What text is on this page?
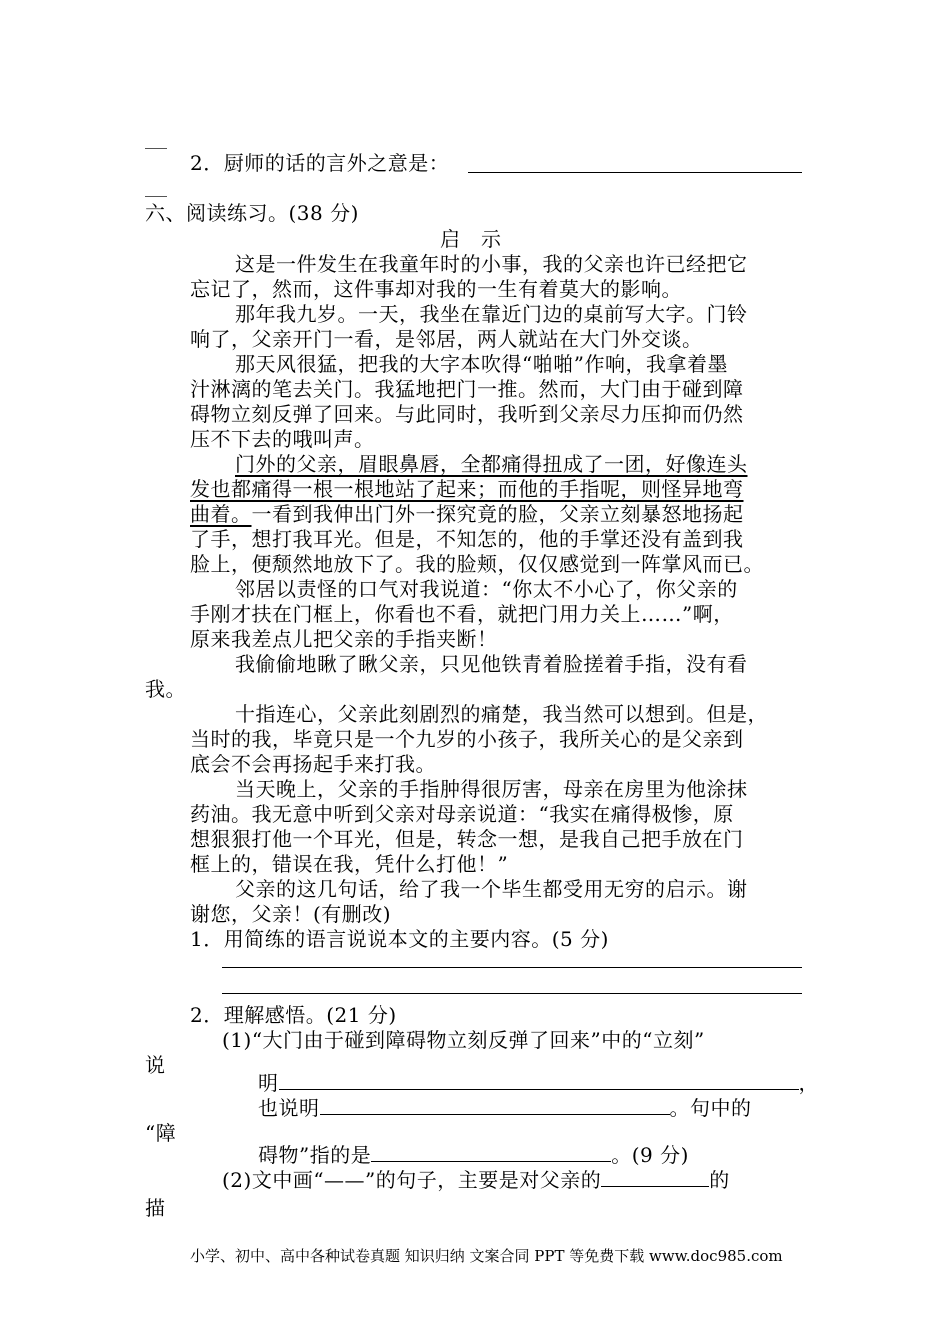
2．厨师的话的言外之意是：
六、阅读练习。(38 分)
启　示
这是一件发生在我童年时的小事，我的父亲也许已经把它
忘记了，然而，这件事却对我的一生有着莫大的影响。
那年我九岁。一天，我坐在靠近门边的桌前写大字。门铃
响了，父亲开门一看，是邻居，两人就站在大门外交谈。
那天风很猛，把我的大字本吹得“啪啪”作响，我拿着墨
汁淋漓的笔去关门。我猛地把门一推。然而，大门由于碰到障
碍物立刻反弹了回来。与此同时，我听到父亲尽力压抑而仍然
压不下去的哦叫声。
门外的父亲，眉眼鼻唇，全都痛得扭成了一团，好像连头
发也都痛得一根一根地站了起来；而他的手指呢，则怪异地弯
曲着。一看到我伸出门外一探究竟的脸，父亲立刻暴怒地扬起
了手，想打我耳光。但是，不知怎的，他的手掌还没有盖到我
脸上，便颓然地放下了。我的脸颊，仅仅感觉到一阵掌风而已。
邻居以责怪的口气对我说道：“你太不小心了，你父亲的
手刚才扶在门框上，你看也不看，就把门用力关上……”啊，
原来我差点儿把父亲的手指夹断！
我偷偷地瞅了瞅父亲，只见他铁青着脸搓着手指，没有看
我。
十指连心，父亲此刻剧烈的痛楚，我当然可以想到。但是，
当时的我，毕竟只是一个九岁的小孩子，我所关心的是父亲到
底会不会再扬起手来打我。
当天晚上，父亲的手指肿得很厉害，母亲在房里为他涂抹
药油。我无意中听到父亲对母亲说道：“我实在痛得极惨，原
想狠狠打他一个耳光，但是，转念一想，是我自己把手放在门
框上的，错误在我，凭什么打他！”
父亲的这几句话，给了我一个毕生都受用无穷的启示。谢
谢您，父亲！(有删改)
1．用简练的语言说说本文的主要内容。(5 分)
2．理解感悟。(21 分)
(1)“大门由于碰到障碍物立刻反弹了回来”中的“立刻”
说
明	，
也说明	。句中的
“障
碍物”指的是	。(9 分)
(2)文中画“——”的句子，主要是对父亲的	的
描
小学、初中、高中各种试卷真题 知识归纳 文案合同 PPT 等免费下载 www.doc985.com
